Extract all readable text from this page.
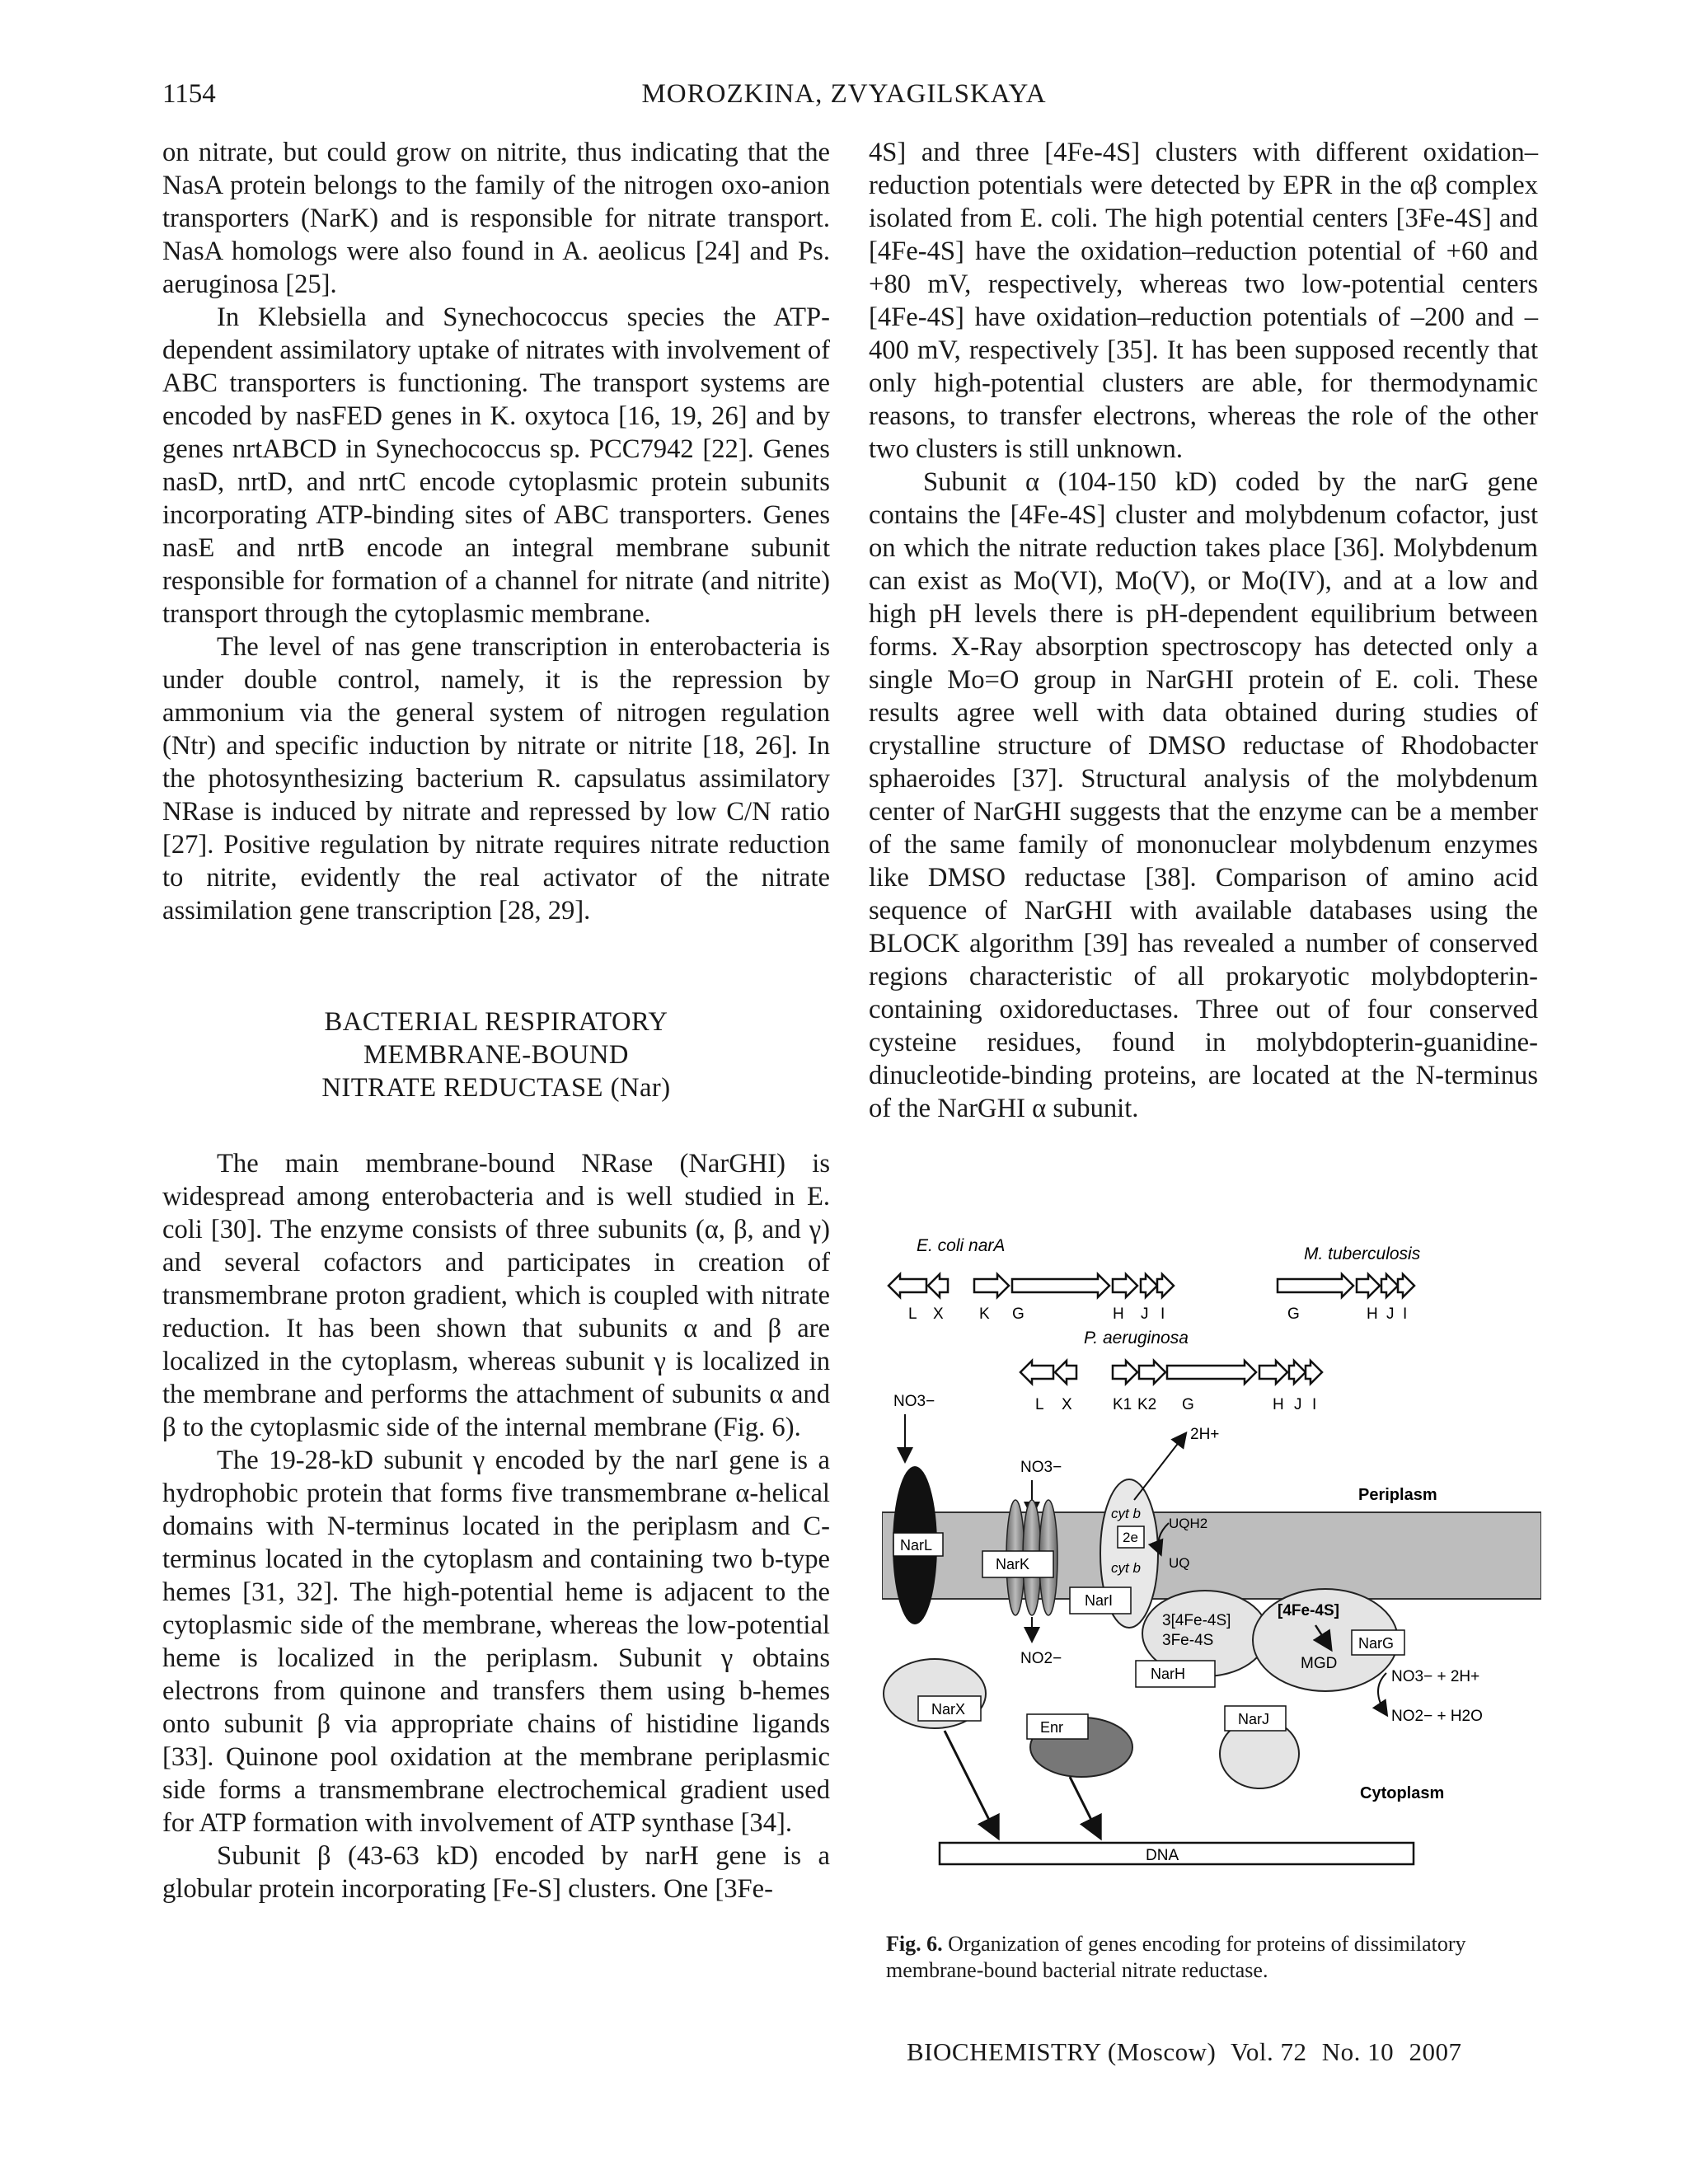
1154	MOROZKINA, ZVYAGILSKAYA

on nitrate, but could grow on nitrite, thus indicating that the NasA protein belongs to the family of the nitrogen oxo-anion transporters (NarK) and is responsible for nitrate transport. NasA homologs were also found in A. aeolicus [24] and Ps. aeruginosa [25].

In Klebsiella and Synechococcus species the ATP-dependent assimilatory uptake of nitrates with involvement of ABC transporters is functioning. The transport systems are encoded by nasFED genes in K. oxytoca [16, 19, 26] and by genes nrtABCD in Synechococcus sp. PCC7942 [22]. Genes nasD, nrtD, and nrtC encode cytoplasmic protein subunits incorporating ATP-binding sites of ABC transporters. Genes nasE and nrtB encode an integral membrane subunit responsible for formation of a channel for nitrate (and nitrite) transport through the cytoplasmic membrane.

The level of nas gene transcription in enterobacteria is under double control, namely, it is the repression by ammonium via the general system of nitrogen regulation (Ntr) and specific induction by nitrate or nitrite [18, 26]. In the photosynthesizing bacterium R. capsulatus assimilatory NRase is induced by nitrate and repressed by low C/N ratio [27]. Positive regulation by nitrate requires nitrate reduction to nitrite, evidently the real activator of the nitrate assimilation gene transcription [28, 29].

BACTERIAL RESPIRATORY
MEMBRANE-BOUND
NITRATE REDUCTASE (Nar)

The main membrane-bound NRase (NarGHI) is widespread among enterobacteria and is well studied in E. coli [30]. The enzyme consists of three subunits (α, β, and γ) and several cofactors and participates in creation of transmembrane proton gradient, which is coupled with nitrate reduction. It has been shown that subunits α and β are localized in the cytoplasm, whereas subunit γ is localized in the membrane and performs the attachment of subunits α and β to the cytoplasmic side of the internal membrane (Fig. 6).

The 19-28-kD subunit γ encoded by the narI gene is a hydrophobic protein that forms five transmembrane α-helical domains with N-terminus located in the periplasm and C-terminus located in the cytoplasm and containing two b-type hemes [31, 32]. The high-potential heme is adjacent to the cytoplasmic side of the membrane, whereas the low-potential heme is localized in the periplasm. Subunit γ obtains electrons from quinone and transfers them using b-hemes onto subunit β via appropriate chains of histidine ligands [33]. Quinone pool oxidation at the membrane periplasmic side forms a transmembrane electrochemical gradient used for ATP formation with involvement of ATP synthase [34].

Subunit β (43-63 kD) encoded by narH gene is a globular protein incorporating [Fe-S] clusters. One [3Fe-

4S] and three [4Fe-4S] clusters with different oxidation–reduction potentials were detected by EPR in the αβ complex isolated from E. coli. The high potential centers [3Fe-4S] and [4Fe-4S] have the oxidation–reduction potential of +60 and +80 mV, respectively, whereas two low-potential centers [4Fe-4S] have oxidation–reduction potentials of –200 and –400 mV, respectively [35]. It has been supposed recently that only high-potential clusters are able, for thermodynamic reasons, to transfer electrons, whereas the role of the other two clusters is still unknown.

Subunit α (104-150 kD) coded by the narG gene contains the [4Fe-4S] cluster and molybdenum cofactor, just on which the nitrate reduction takes place [36]. Molybdenum can exist as Mo(VI), Mo(V), or Mo(IV), and at a low and high pH levels there is pH-dependent equilibrium between forms. X-Ray absorption spectroscopy has detected only a single Mo=O group in NarGHI protein of E. coli. These results agree well with data obtained during studies of crystalline structure of DMSO reductase of Rhodobacter sphaeroides [37]. Structural analysis of the molybdenum center of NarGHI suggests that the enzyme can be a member of the same family of mononuclear molybdenum enzymes like DMSO reductase [38]. Comparison of amino acid sequence of NarGHI with available databases using the BLOCK algorithm [39] has revealed a number of conserved regions characteristic of all prokaryotic molybdopterin-containing oxidoreductases. Three out of four conserved cysteine residues, found in molybdopterin-guanidine-dinucleotide-binding proteins, are located at the N-terminus of the NarGHI α subunit.

E. coli narA
L X K G	H J I
M. tuberculosis
G	H J I
P. aeruginosa
L X	K1 K2 G	H J I
Periplasm
Cytoplasm
NO3−
NarL
NO3−
NarK
NO2−
cyt b
2e
cyt b
NarI
UQH2
UQ
2H+
3[4Fe-4S]
3Fe-4S
NarH
[4Fe-4S]
NarG
MGD
NO3− + 2H+
NO2− + H2O
NarX
Enr	NarJ
DNA
Fig. 6. Organization of genes encoding for proteins of dissimilatory membrane-bound bacterial nitrate reductase.
BIOCHEMISTRY (Moscow) Vol. 72 No. 10 2007
